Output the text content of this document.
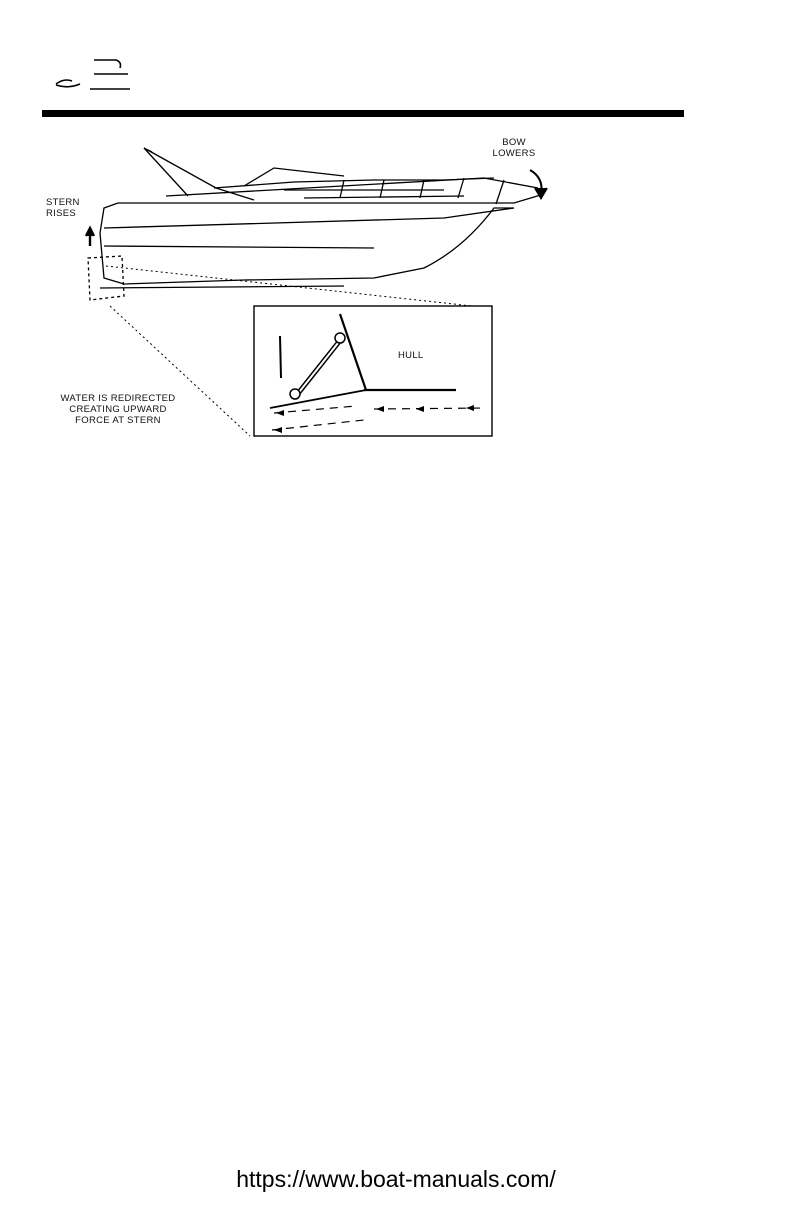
BOW
LOWERS
STERN
RISES
HULL
WATER IS REDIRECTED
CREATING UPWARD
FORCE AT STERN
https://www.boat-manuals.com/
